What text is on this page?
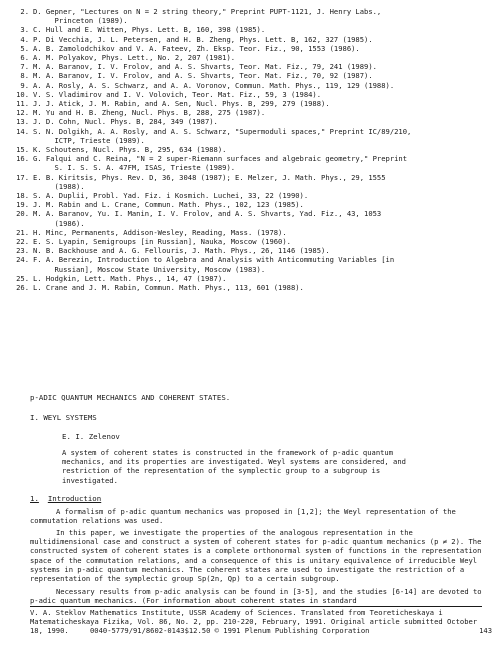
2. D. Gepner, "Lectures on N = 2 string theory," Preprint PUPT-1121, J. Henry Labs.,
Princeton (1989).
3. C. Hull and E. Witten, Phys. Lett. B, 160, 398 (1985).
4. P. Di Vecchia, J. L. Petersen, and H. B. Zheng, Phys. Lett. B, 162, 327 (1985).
5. A. B. Zamolodchikov and V. A. Fateev, Zh. Eksp. Teor. Fiz., 90, 1553 (1986).
6. A. M. Polyakov, Phys. Lett., No. 2, 207 (1981).
7. M. A. Baranov, I. V. Frolov, and A. S. Shvarts, Teor. Mat. Fiz., 79, 241 (1989).
8. M. A. Baranov, I. V. Frolov, and A. S. Shvarts, Teor. Mat. Fiz., 70, 92 (1987).
9. A. A. Rosly, A. S. Schwarz, and A. A. Voronov, Commun. Math. Phys., 119, 129 (1988).
10. V. S. Vladimirov and I. V. Volovich, Teor. Mat. Fiz., 59, 3 (1984).
11. J. J. Atick, J. M. Rabin, and A. Sen, Nucl. Phys. B, 299, 279 (1988).
12. M. Yu and H. B. Zheng, Nucl. Phys. B, 288, 275 (1987).
13. J. D. Cohn, Nucl. Phys. B, 284, 349 (1987).
14. S. N. Dolgikh, A. A. Rosly, and A. S. Schwarz, "Supermoduli spaces," Preprint IC/89/210,
ICTP, Trieste (1989).
15. K. Schoutens, Nucl. Phys. B, 295, 634 (1988).
16. G. Falqui and C. Reina, "N = 2 super-Riemann surfaces and algebraic geometry," Preprint
S. I. S. S. A. 47FM, ISAS, Trieste (1989).
17. E. B. Kiritsis, Phys. Rev. D, 36, 3048 (1987); E. Melzer, J. Math. Phys., 29, 1555
(1988).
18. S. A. Duplii, Probl. Yad. Fiz. i Kosmich. Luchei, 33, 22 (1990).
19. J. M. Rabin and L. Crane, Commun. Math. Phys., 102, 123 (1985).
20. M. A. Baranov, Yu. I. Manin, I. V. Frolov, and A. S. Shvarts, Yad. Fiz., 43, 1053
(1986).
21. H. Minc, Permanents, Addison-Wesley, Reading, Mass. (1978).
22. E. S. Lyapin, Semigroups [in Russian], Nauka, Moscow (1960).
23. N. B. Backhouse and A. G. Fellouris, J. Math. Phys., 26, 1146 (1985).
24. F. A. Berezin, Introduction to Algebra and Analysis with Anticommuting Variables [in
Russian], Moscow State University, Moscow (1983).
25. L. Hodgkin, Lett. Math. Phys., 14, 47 (1987).
26. L. Crane and J. M. Rabin, Commun. Math. Phys., 113, 601 (1988).
p-ADIC QUANTUM MECHANICS AND COHERENT STATES.
I. WEYL SYSTEMS
E. I. Zelenov
A system of coherent states is constructed in the framework of p-adic quantum mechanics, and its properties are investigated. Weyl systems are considered, and restriction of the representation of the symplectic group to a subgroup is investigated.
1. Introduction
A formalism of p-adic quantum mechanics was proposed in [1,2]; the Weyl representation of the commutation relations was used.
In this paper, we investigate the properties of the analogous representation in the multidimensional case and construct a system of coherent states for p-adic quantum mechanics (p ≠ 2). The constructed system of coherent states is a complete orthonormal system of functions in the representation space of the commutation relations, and a consequence of this is unitary equivalence of irreducible Weyl systems in p-adic quantum mechanics. The coherent states are used to investigate the restriction of a representation of the symplectic group Sp(2n, Qp) to a certain subgroup.
Necessary results from p-adic analysis can be found in [3-5], and the studies [6-14] are devoted to p-adic quantum mechanics. (For information about coherent states in standard
V. A. Steklov Mathematics Institute, USSR Academy of Sciences. Translated from Teoreticheskaya i Matematicheskaya Fizika, Vol. 86, No. 2, pp. 210-220, February, 1991. Original article submitted October 18, 1990.	0040-5779/91/8602-0143$12.50 © 1991 Plenum Publishing Corporation	143
